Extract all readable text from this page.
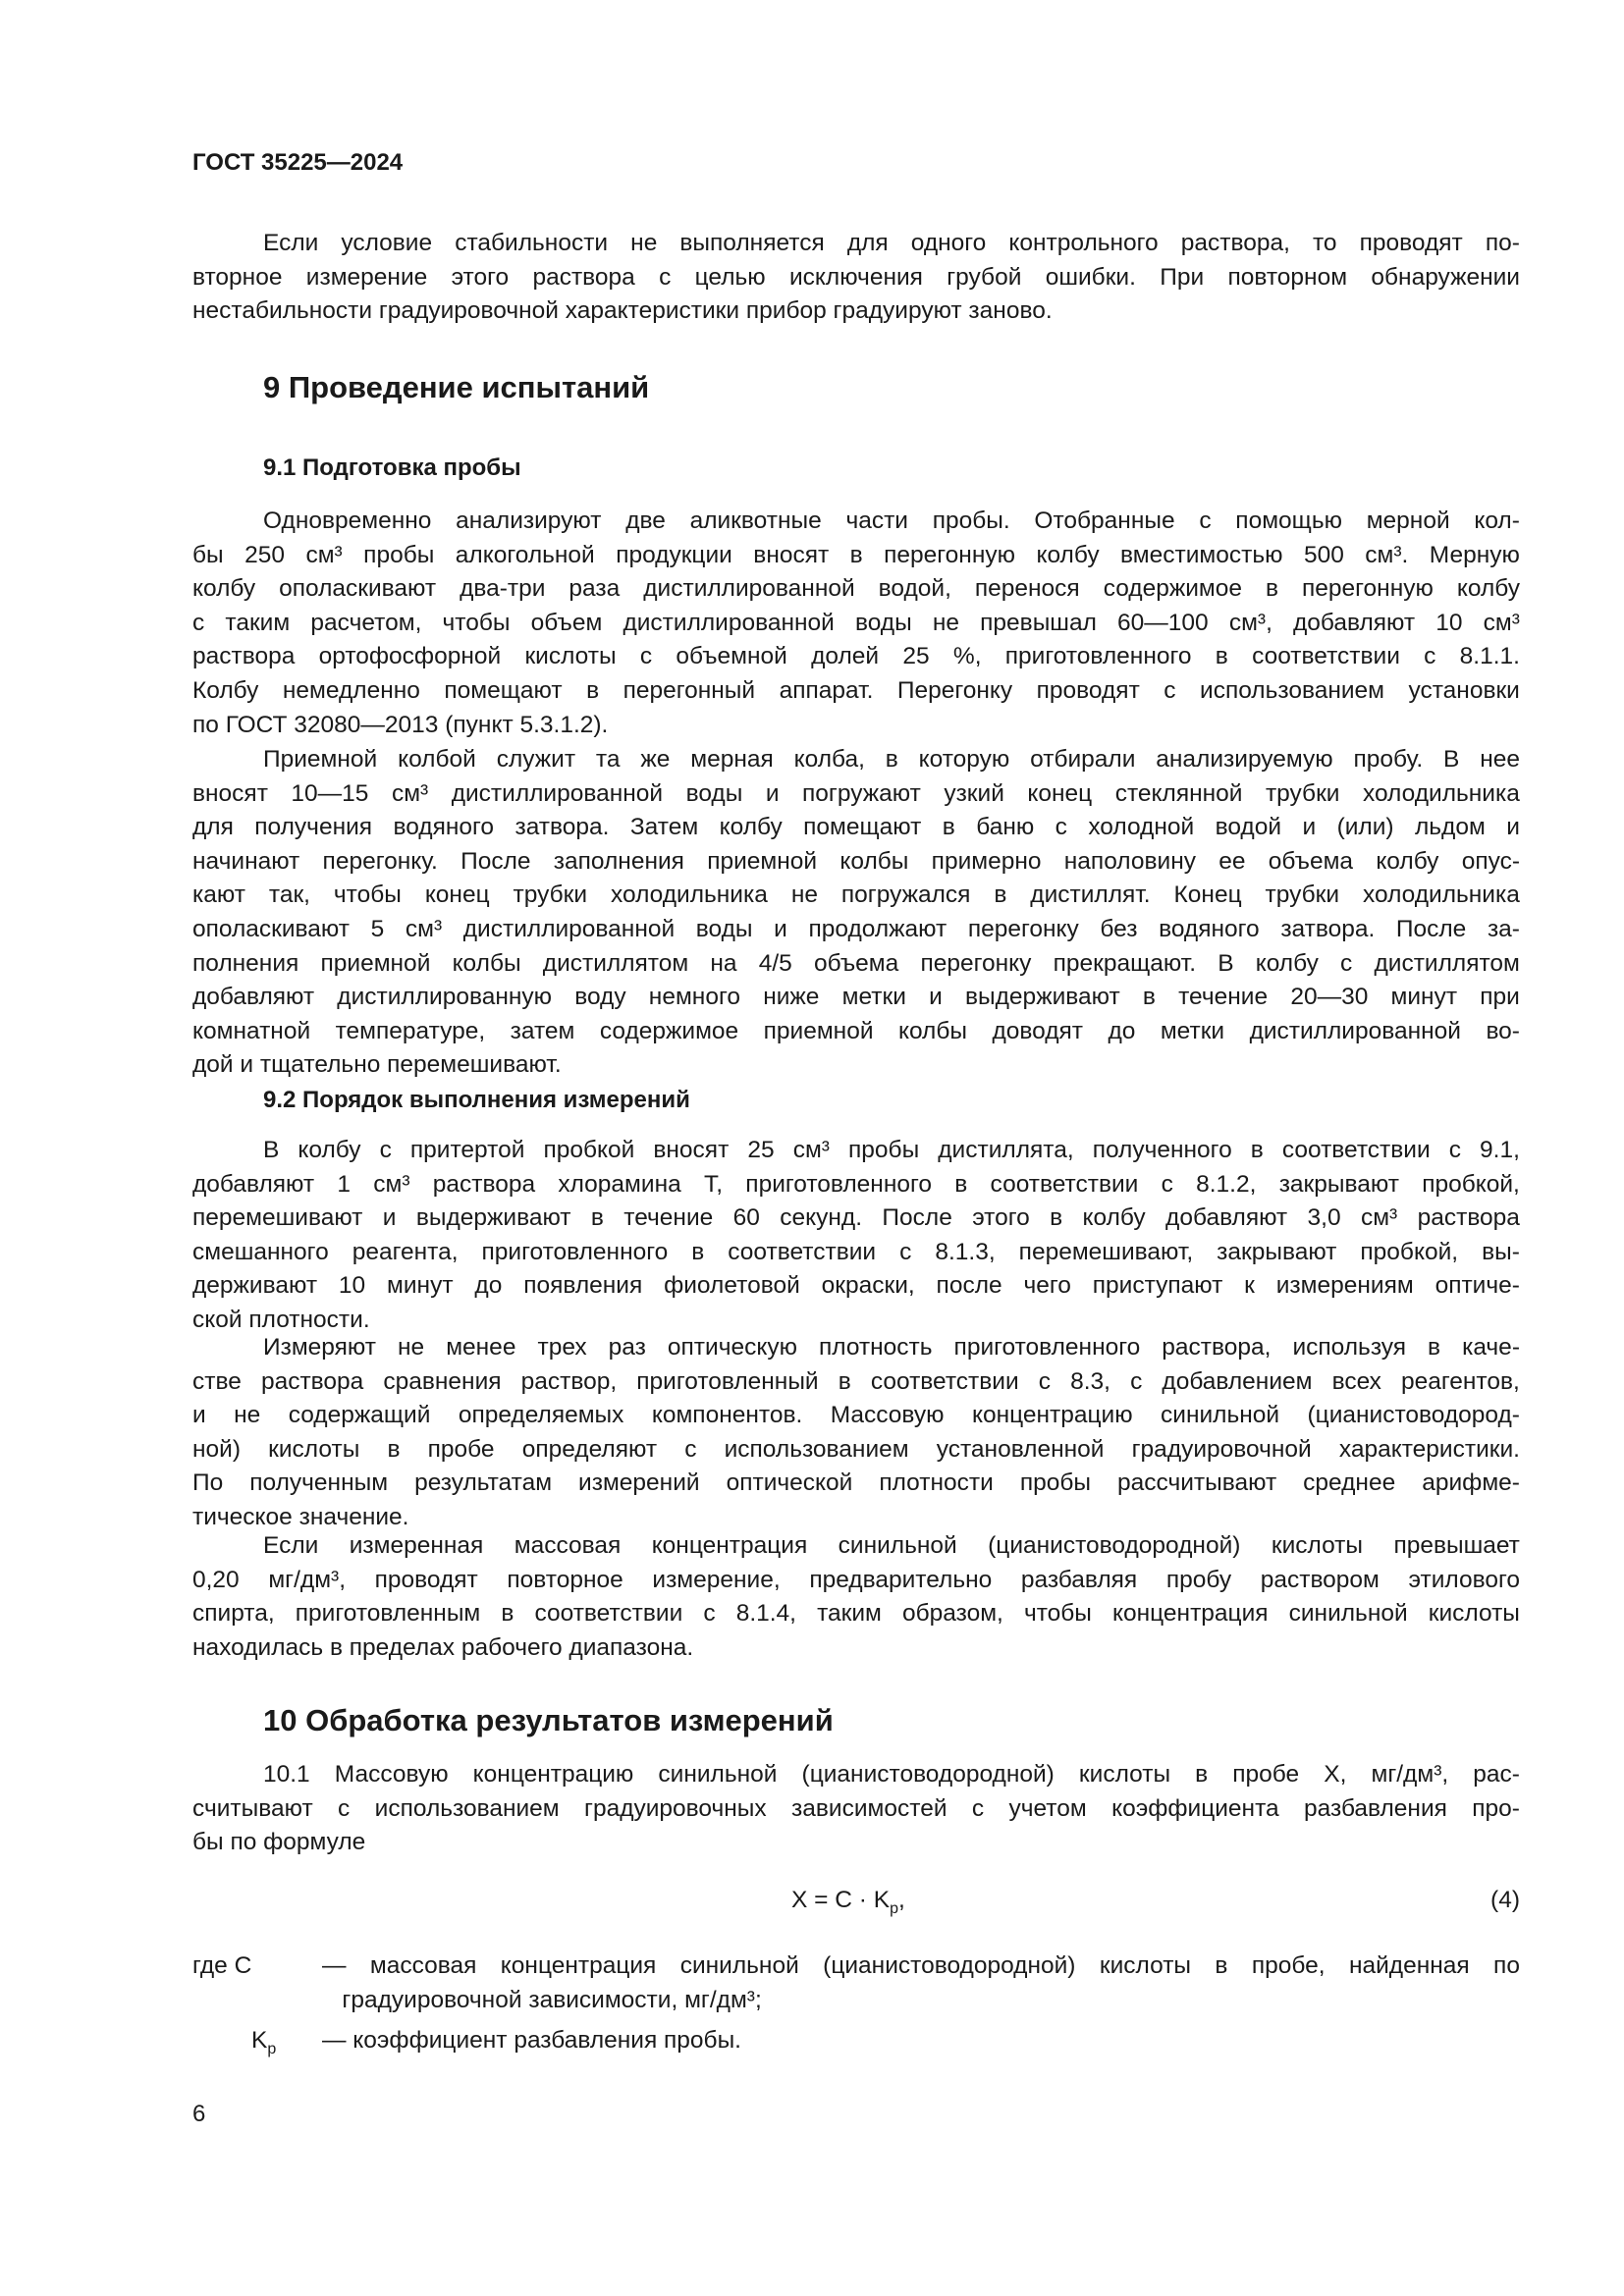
ГОСТ 35225—2024
Если условие стабильности не выполняется для одного контрольного раствора, то проводят по-
вторное измерение этого раствора с целью исключения грубой ошибки. При повторном обнаружении
нестабильности градуировочной характеристики прибор градуируют заново.
9 Проведение испытаний
9.1 Подготовка пробы
Одновременно анализируют две аликвотные части пробы. Отобранные с помощью мерной кол-
бы 250 см³ пробы алкогольной продукции вносят в перегонную колбу вместимостью 500 см³. Мерную
колбу ополаскивают два-три раза дистиллированной водой, перенося содержимое в перегонную колбу
с таким расчетом, чтобы объем дистиллированной воды не превышал 60—100 см³, добавляют 10 см³
раствора ортофосфорной кислоты с объемной долей 25 %, приготовленного в соответствии с 8.1.1.
Колбу немедленно помещают в перегонный аппарат. Перегонку проводят с использованием установки
по ГОСТ 32080—2013 (пункт 5.3.1.2).
Приемной колбой служит та же мерная колба, в которую отбирали анализируемую пробу. В нее
вносят 10—15 см³ дистиллированной воды и погружают узкий конец стеклянной трубки холодильника
для получения водяного затвора. Затем колбу помещают в баню с холодной водой и (или) льдом и
начинают перегонку. После заполнения приемной колбы примерно наполовину ее объема колбу опус-
кают так, чтобы конец трубки холодильника не погружался в дистиллят. Конец трубки холодильника
ополаскивают 5 см³ дистиллированной воды и продолжают перегонку без водяного затвора. После за-
полнения приемной колбы дистиллятом на 4/5 объема перегонку прекращают. В колбу с дистиллятом
добавляют дистиллированную воду немного ниже метки и выдерживают в течение 20—30 минут при
комнатной температуре, затем содержимое приемной колбы доводят до метки дистиллированной во-
дой и тщательно перемешивают.
9.2 Порядок выполнения измерений
В колбу с притертой пробкой вносят 25 см³ пробы дистиллята, полученного в соответствии с 9.1,
добавляют 1 см³ раствора хлорамина Т, приготовленного в соответствии с 8.1.2, закрывают пробкой,
перемешивают и выдерживают в течение 60 секунд. После этого в колбу добавляют 3,0 см³ раствора
смешанного реагента, приготовленного в соответствии с 8.1.3, перемешивают, закрывают пробкой, вы-
держивают 10 минут до появления фиолетовой окраски, после чего приступают к измерениям оптиче-
ской плотности.
Измеряют не менее трех раз оптическую плотность приготовленного раствора, используя в каче-
стве раствора сравнения раствор, приготовленный в соответствии с 8.3, с добавлением всех реагентов,
и не содержащий определяемых компонентов. Массовую концентрацию синильной (цианистоводород-
ной) кислоты в пробе определяют с использованием установленной градуировочной характеристики.
По полученным результатам измерений оптической плотности пробы рассчитывают среднее арифме-
тическое значение.
Если измеренная массовая концентрация синильной (цианистоводородной) кислоты превышает
0,20 мг/дм³, проводят повторное измерение, предварительно разбавляя пробу раствором этилового
спирта, приготовленным в соответствии с 8.1.4, таким образом, чтобы концентрация синильной кислоты
находилась в пределах рабочего диапазона.
10 Обработка результатов измерений
10.1 Массовую концентрацию синильной (цианистоводородной) кислоты в пробе X, мг/дм³, рас-
считывают с использованием градуировочных зависимостей с учетом коэффициента разбавления про-
бы по формуле
$X = C \cdot K_р$,	(4)
где C	— массовая концентрация синильной (цианистоводородной) кислоты в пробе, найденная по
градуировочной зависимости, мг/дм³;
$K_р$ — коэффициент разбавления пробы.
6
